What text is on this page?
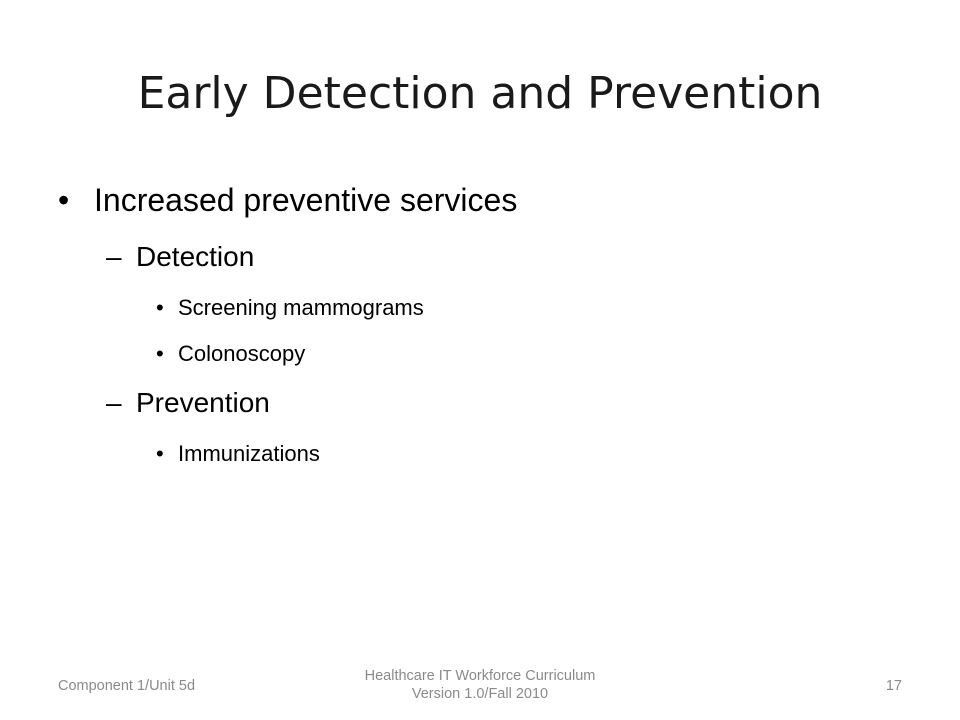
Early Detection and Prevention
• Increased preventive services
– Detection
• Screening mammograms
• Colonoscopy
– Prevention
• Immunizations
Component 1/Unit 5d
Healthcare IT Workforce Curriculum
Version 1.0/Fall 2010	17
